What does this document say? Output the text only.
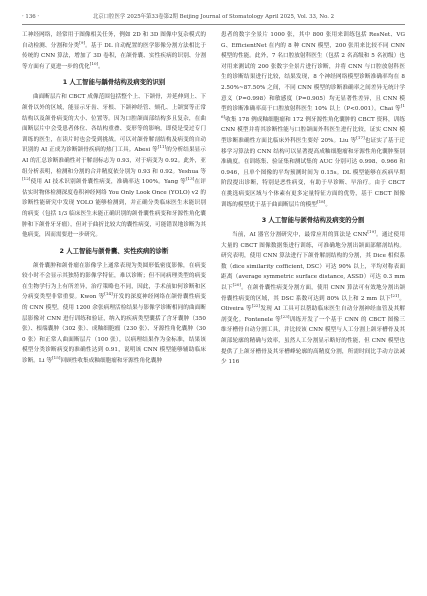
· 136 ·	北京口腔医学 2025年第33卷第2期 Beijing Journal of Stomatology April 2025, Vol. 33, No. 2

工神经网络，经常用于图像相关任务，例如 2D 和 3D 图像中复杂模式的自动检测、分割和分类[9]。基于 DL 自动配置的医学影像分割方法相比于传统的 CNN 算法，增加了 3D 卷积，在颌骨囊、实性疾病的识别、分割等方面有了更进一步的优化[10]。

1 人工智能与龋骨结构及病变的识别

曲面断层片和 CBCT 成像范围包括整个上、下颌骨，并延伸到上、下颌骨以外的区域，能显示牙齿、牙根、下颌神经管、颏孔、上颌窦等正常结构以及颌骨病变的大小、位置等。因为口腔颌面部结构多且复杂，在曲面断层片中会受患者体位、各结构重叠、变形等的影响，即使是受过专门训练的医生，在读片时也会受到挑战。可以对颌骨解剖结构及病变的自动识别的 AI 正成为诊断颌骨疾病的热门工具。Abesi 等[11]的分析结果显示 AI 的汇总诊断准确性对于解剖标志为 0.93，对于病变为 0.92。此外，亚组分析表明，检测和分割的合并精度依分别为 0.93 和 0.92。Yeshua 等[12]使用 AI 技术识别颌骨囊性病变，准确率达 100%。Yang 等[13]在评估实时物体检测深度卷积神经网络 You Only Look Once (YOLO) v2 的诊断性能研究中发现 YOLO 能够检测到，并正确分类临床医生未能识别的病变（包括 1/3 临床医生未能正确识别的颌骨囊性病变和牙源性角化囊肿和下颌骨牙牙瘤），但对于曲折比较大的囊性病变，可能错误地诊断为其他病变，因而需要进一步研究。

2 人工智能与颌骨囊、实性疾病的诊断

颌骨囊肿和颌骨瘤在影像学上通常表现为类圆形低密度影像，在病变较小时不会显示其独特的影像学特征，难以诊断；但不同病理类型的病变在生物学行为上有所差异，治疗策略也不同，因此，手术前如何诊断和区分病变类型非常重要。Kwon 等[14]开发的深度神经网络在颌骨囊性病变的 CNN 模型，使用 1200 余张病理活检结果与影像学诊断相同的曲面断层影像对 CNN 进行训练和验证，纳入的疾病类型囊括了含牙囊肿（350 张）、根端囊肿（302 张）、成釉细胞瘤（230 张）、牙源性角化囊肿（300 张）和正常人曲面断层片（100 张），以病理结果作为金标准，结果该模型分类诊断病变的准确性达到 0.91，说明该 CNN 模型能够辅助临床诊断。Li 等[15]回顾性收集成釉细胞瘤和牙源性角化囊肿

患者的数字全景片 1000 张，其中 800 张用来训练包括 ResNet、VGG、EfficientNet 在内的 8 种 CNN 模型，200 张用来比较不同 CNN 模型的性能。此外，7 名口腔放射科医生（包括 2 名高级和 5 名初级）也对用来测试的 200 张数字全景片进行诊断，并将 CNN 与口腔放射科医生的诊断结果进行比较，结果发现，8 个神经网络模型诊断准确率均在 82.50%~87.50% 之间，不同 CNN 模型的诊断准确率之间差异无统计学意义（P=0.998）和敏感度（P=0.905）均无显著性差异，且 CNN 模型的诊断准确率高于口腔放射科医生 10% 以上（P<0.001）。Chai 等[16]收集 178 例成釉细胞瘤和 172 例牙源性角化囊肿的 CBCT 资料，训练 CNN 模型并将其诊断性能与口腔颌面外科医生进行比较，证实 CNN 模型诊断准确性方面比临床外科医生要好 20%。Liu 等[17]也证实了基于迁移学习算法的 CNN 结构可以显著提高成釉细胞瘤和牙源性角化囊肿鉴别准确度。在训练集、验证集和测试集的 AUC 分别可达 0.998、0.966 和 0.946，且单个图像的平均预测时间为 0.15s。DL 模型能够在疾病早期阶段提出诊断，特别是恶性病变，有助于早诊断、早治疗。由于 CBCT 在挑选病变区域与个体素有更多定量特征方面的优势，基于 CBCT 图像训练的模型优于基于曲面断层片的模型[18]。

3 人工智能与颌骨结构及病变的分割

当前，AI 器官分割研究中，最常应用的算法是 CNN[19]。通过使用大量的 CBCT 图像数据集进行训练，可准确地分割出颌面部解剖结构。研究表明，使用 CNN 算法进行下颌骨解剖结构的分割，其 Dice 相似系数（dice similarity cofficient, DSC）可达 90% 以上，平均对称表面距离（average symmetric surface distance, ASSD）可达 0.3 mm 以下[20]。在颌骨囊性病变分割方面，使用 CNN 算法可有效地分割出颌骨囊性病变的区域，其 DSC 系数可达到 80% 以上和 2 mm 以下[21]。Oliveira 等[22]发现 AI 工具可以帮助临床医生自动分割神经血管及其解剖变化。Fontenele 等[23]训练开发了一个基于 CNN 的 CBCT 图像三维牙槽骨自动分割工具，并比较该 CNN 模型与人工分割上颌牙槽骨及其颌部轮廓的精确与效率，虽然人工分割显示略好的性能，但 CNN 模型也提供了上颌牙槽骨及其牙槽峰轮廓的高精度分割，所需时间比手动方法减少 116
